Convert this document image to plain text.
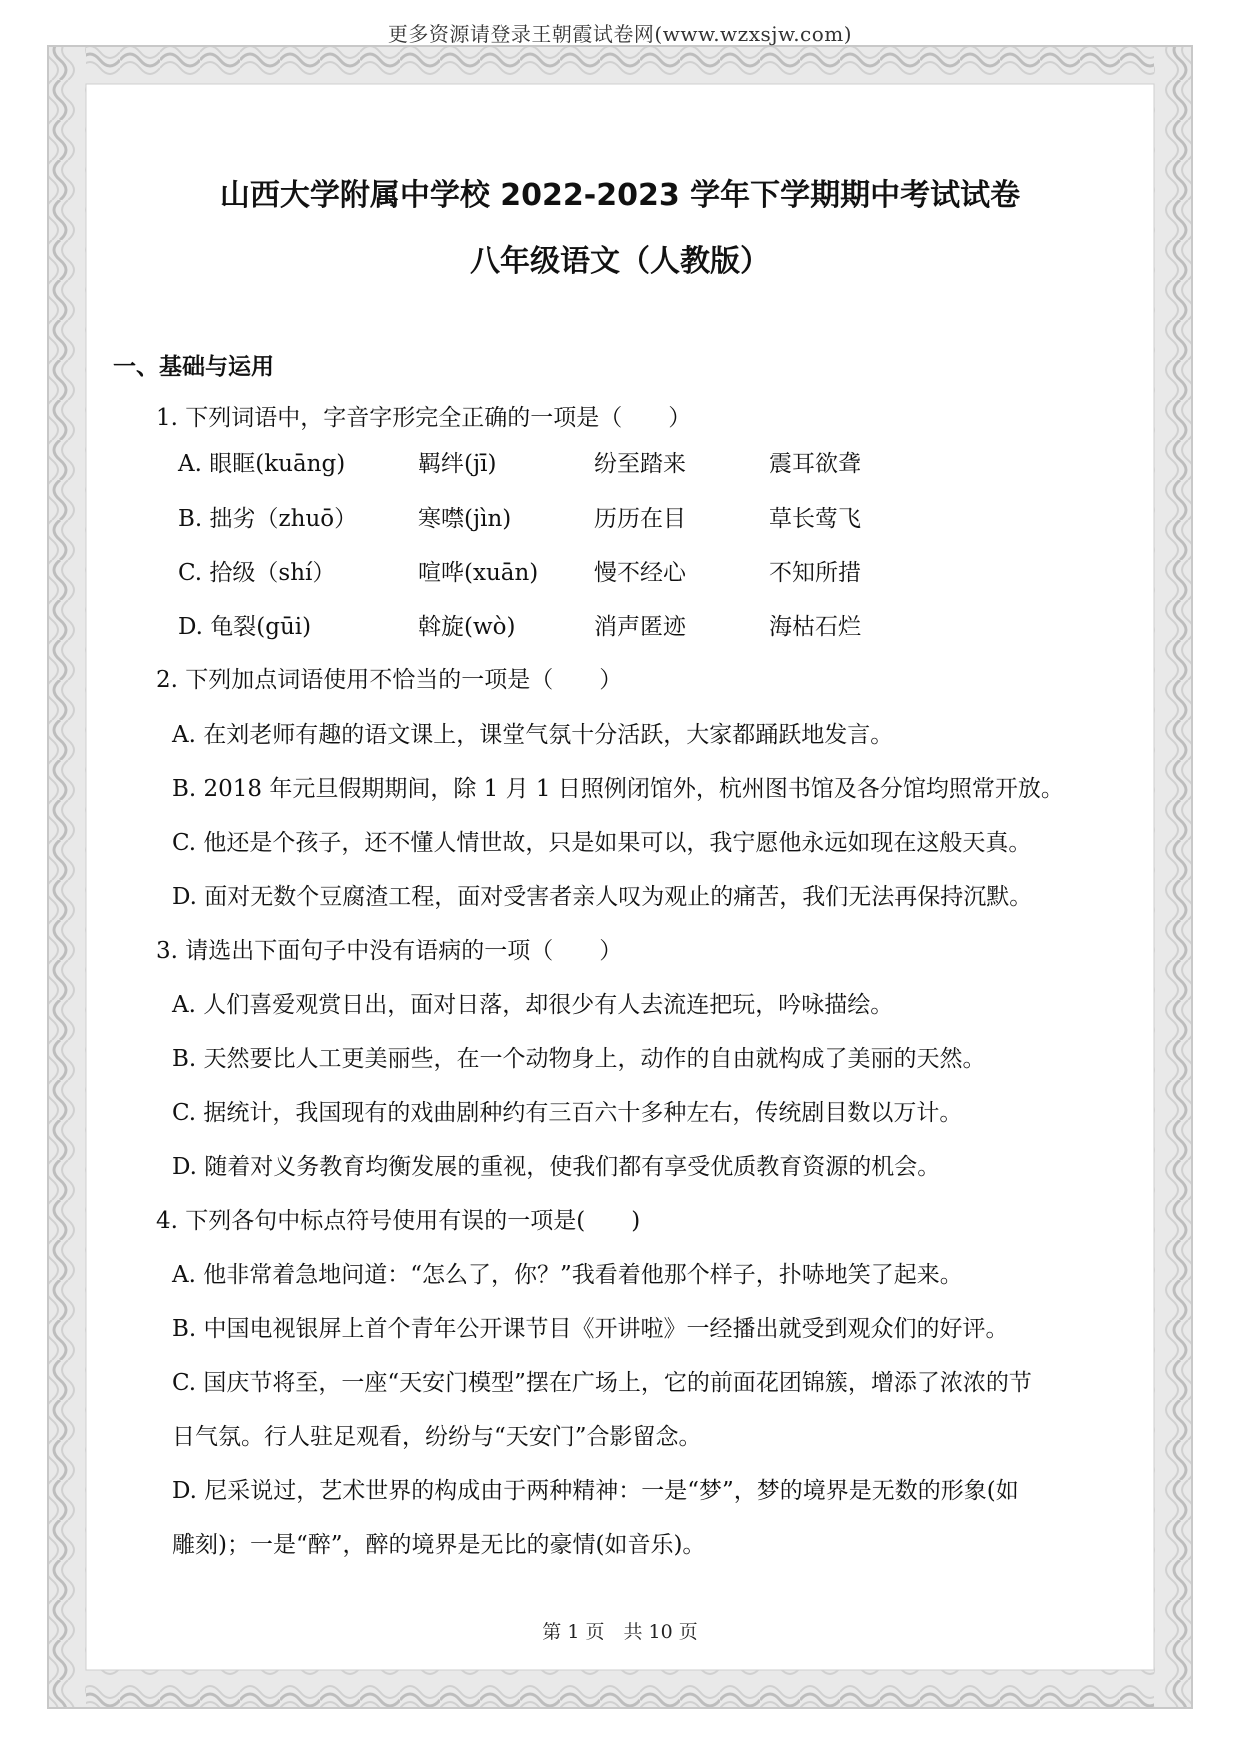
更多资源请登录王朝霞试卷网(www.wzxsjw.com)
山西大学附属中学校 2022-2023 学年下学期期中考试试卷
八年级语文（人教版）
一、基础与运用
1. 下列词语中，字音字形完全正确的一项是（　　）
A. 眼眶(kuāng)	羁绊(jī)	纷至踏来	震耳欲聋
B. 拙劣（zhuō）	寒噤(jìn)	历历在目	草长莺飞
C. 拾级（shí）	喧哗(xuān) 慢不经心	不知所措
D. 龟裂(gūi)	斡旋(wò)	消声匿迹	海枯石烂
2. 下列加点词语使用不恰当的一项是（　　）
A. 在刘老师有趣的语文课上，课堂气氛十分活跃，大家都踊跃地发言。
B. 2018 年元旦假期期间，除 1 月 1 日照例闭馆外，杭州图书馆及各分馆均照常开放。
C. 他还是个孩子，还不懂人情世故，只是如果可以，我宁愿他永远如现在这般天真。
D. 面对无数个豆腐渣工程，面对受害者亲人叹为观止的痛苦，我们无法再保持沉默。
3. 请选出下面句子中没有语病的一项（　　）
A. 人们喜爱观赏日出，面对日落，却很少有人去流连把玩，吟咏描绘。
B. 天然要比人工更美丽些，在一个动物身上，动作的自由就构成了美丽的天然。
C. 据统计，我国现有的戏曲剧种约有三百六十多种左右，传统剧目数以万计。
D. 随着对义务教育均衡发展的重视，使我们都有享受优质教育资源的机会。
4. 下列各句中标点符号使用有误的一项是(　　)
A. 他非常着急地问道：“怎么了，你？”我看着他那个样子，扑哧地笑了起来。
B. 中国电视银屏上首个青年公开课节目《开讲啦》一经播出就受到观众们的好评。
C. 国庆节将至，一座“天安门模型”摆在广场上，它的前面花团锦簇，增添了浓浓的节
日气氛。行人驻足观看，纷纷与“天安门”合影留念。
D. 尼采说过，艺术世界的构成由于两种精神：一是“梦”，梦的境界是无数的形象(如
雕刻)；一是“醉”，醉的境界是无比的豪情(如音乐)。
第 1 页　共 10 页
